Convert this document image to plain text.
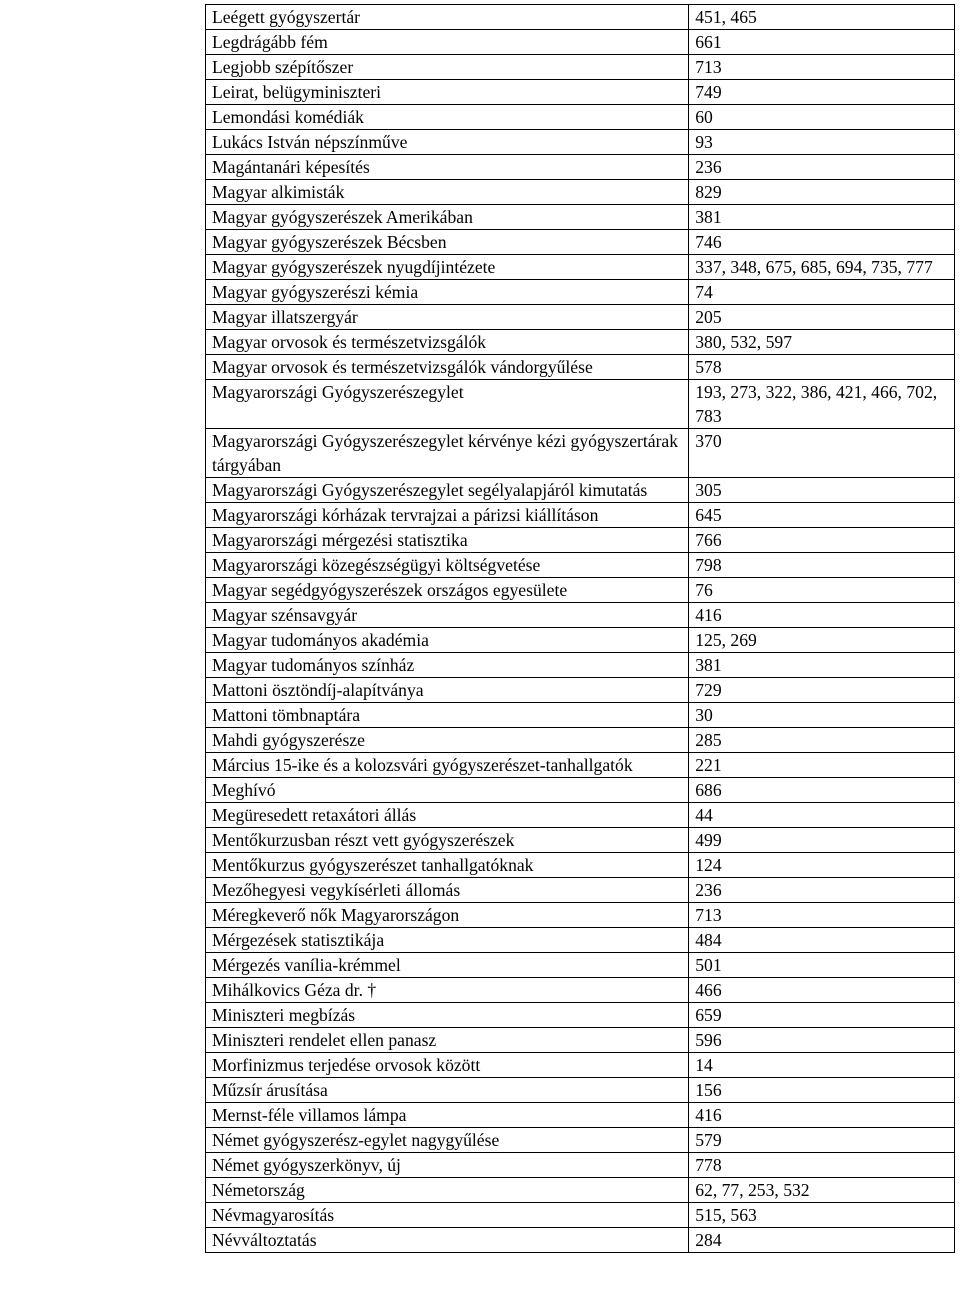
Leégett gyógyszertár	451, 465
Legdrágább fém	661
Legjobb szépítőszer	713
Leirat, belügyminiszteri	749
Lemondási komédiák	60
Lukács István népszínműve	93
Magántanári képesítés	236
Magyar alkimisták	829
Magyar gyógyszerészek Amerikában	381
Magyar gyógyszerészek Bécsben	746
Magyar gyógyszerészek nyugdíjintézete	337, 348, 675, 685, 694, 735, 777
Magyar gyógyszerészi kémia	74
Magyar illatszergyár	205
Magyar orvosok és természetvizsgálók	380, 532, 597
Magyar orvosok és természetvizsgálók vándorgyűlése	578
Magyarországi Gyógyszerészegylet	193, 273, 322, 386, 421, 466, 702, 783
Magyarországi Gyógyszerészegylet kérvénye kézi gyógyszertárak tárgyában	370
Magyarországi Gyógyszerészegylet segélyalapjáról kimutatás	305
Magyarországi kórházak tervrajzai a párizsi kiállításon	645
Magyarországi mérgezési statisztika	766
Magyarországi közegészségügyi költségvetése	798
Magyar segédgyógyszerészek országos egyesülete	76
Magyar szénsavgyár	416
Magyar tudományos akadémia	125, 269
Magyar tudományos színház	381
Mattoni ösztöndíj-alapítványa	729
Mattoni tömbnaptára	30
Mahdi gyógyszerésze	285
Március 15-ike és a kolozsvári gyógyszerészet-tanhallgatók	221
Meghívó	686
Megüresedett retaxátori állás	44
Mentőkurzusban részt vett gyógyszerészek	499
Mentőkurzus gyógyszerészet tanhallgatóknak	124
Mezőhegyesi vegykísérleti állomás	236
Méregkeverő nők Magyarországon	713
Mérgezések statisztikája	484
Mérgezés vanília-krémmel	501
Mihálkovics Géza dr. †	466
Miniszteri megbízás	659
Miniszteri rendelet ellen panasz	596
Morfinizmus terjedése orvosok között	14
Műzsír árusítása	156
Mernst-féle villamos lámpa	416
Német gyógyszerész-egylet nagygyűlése	579
Német gyógyszerkönyv, új	778
Németország	62, 77, 253, 532
Névmagyarosítás	515, 563
Névváltoztatás	284
